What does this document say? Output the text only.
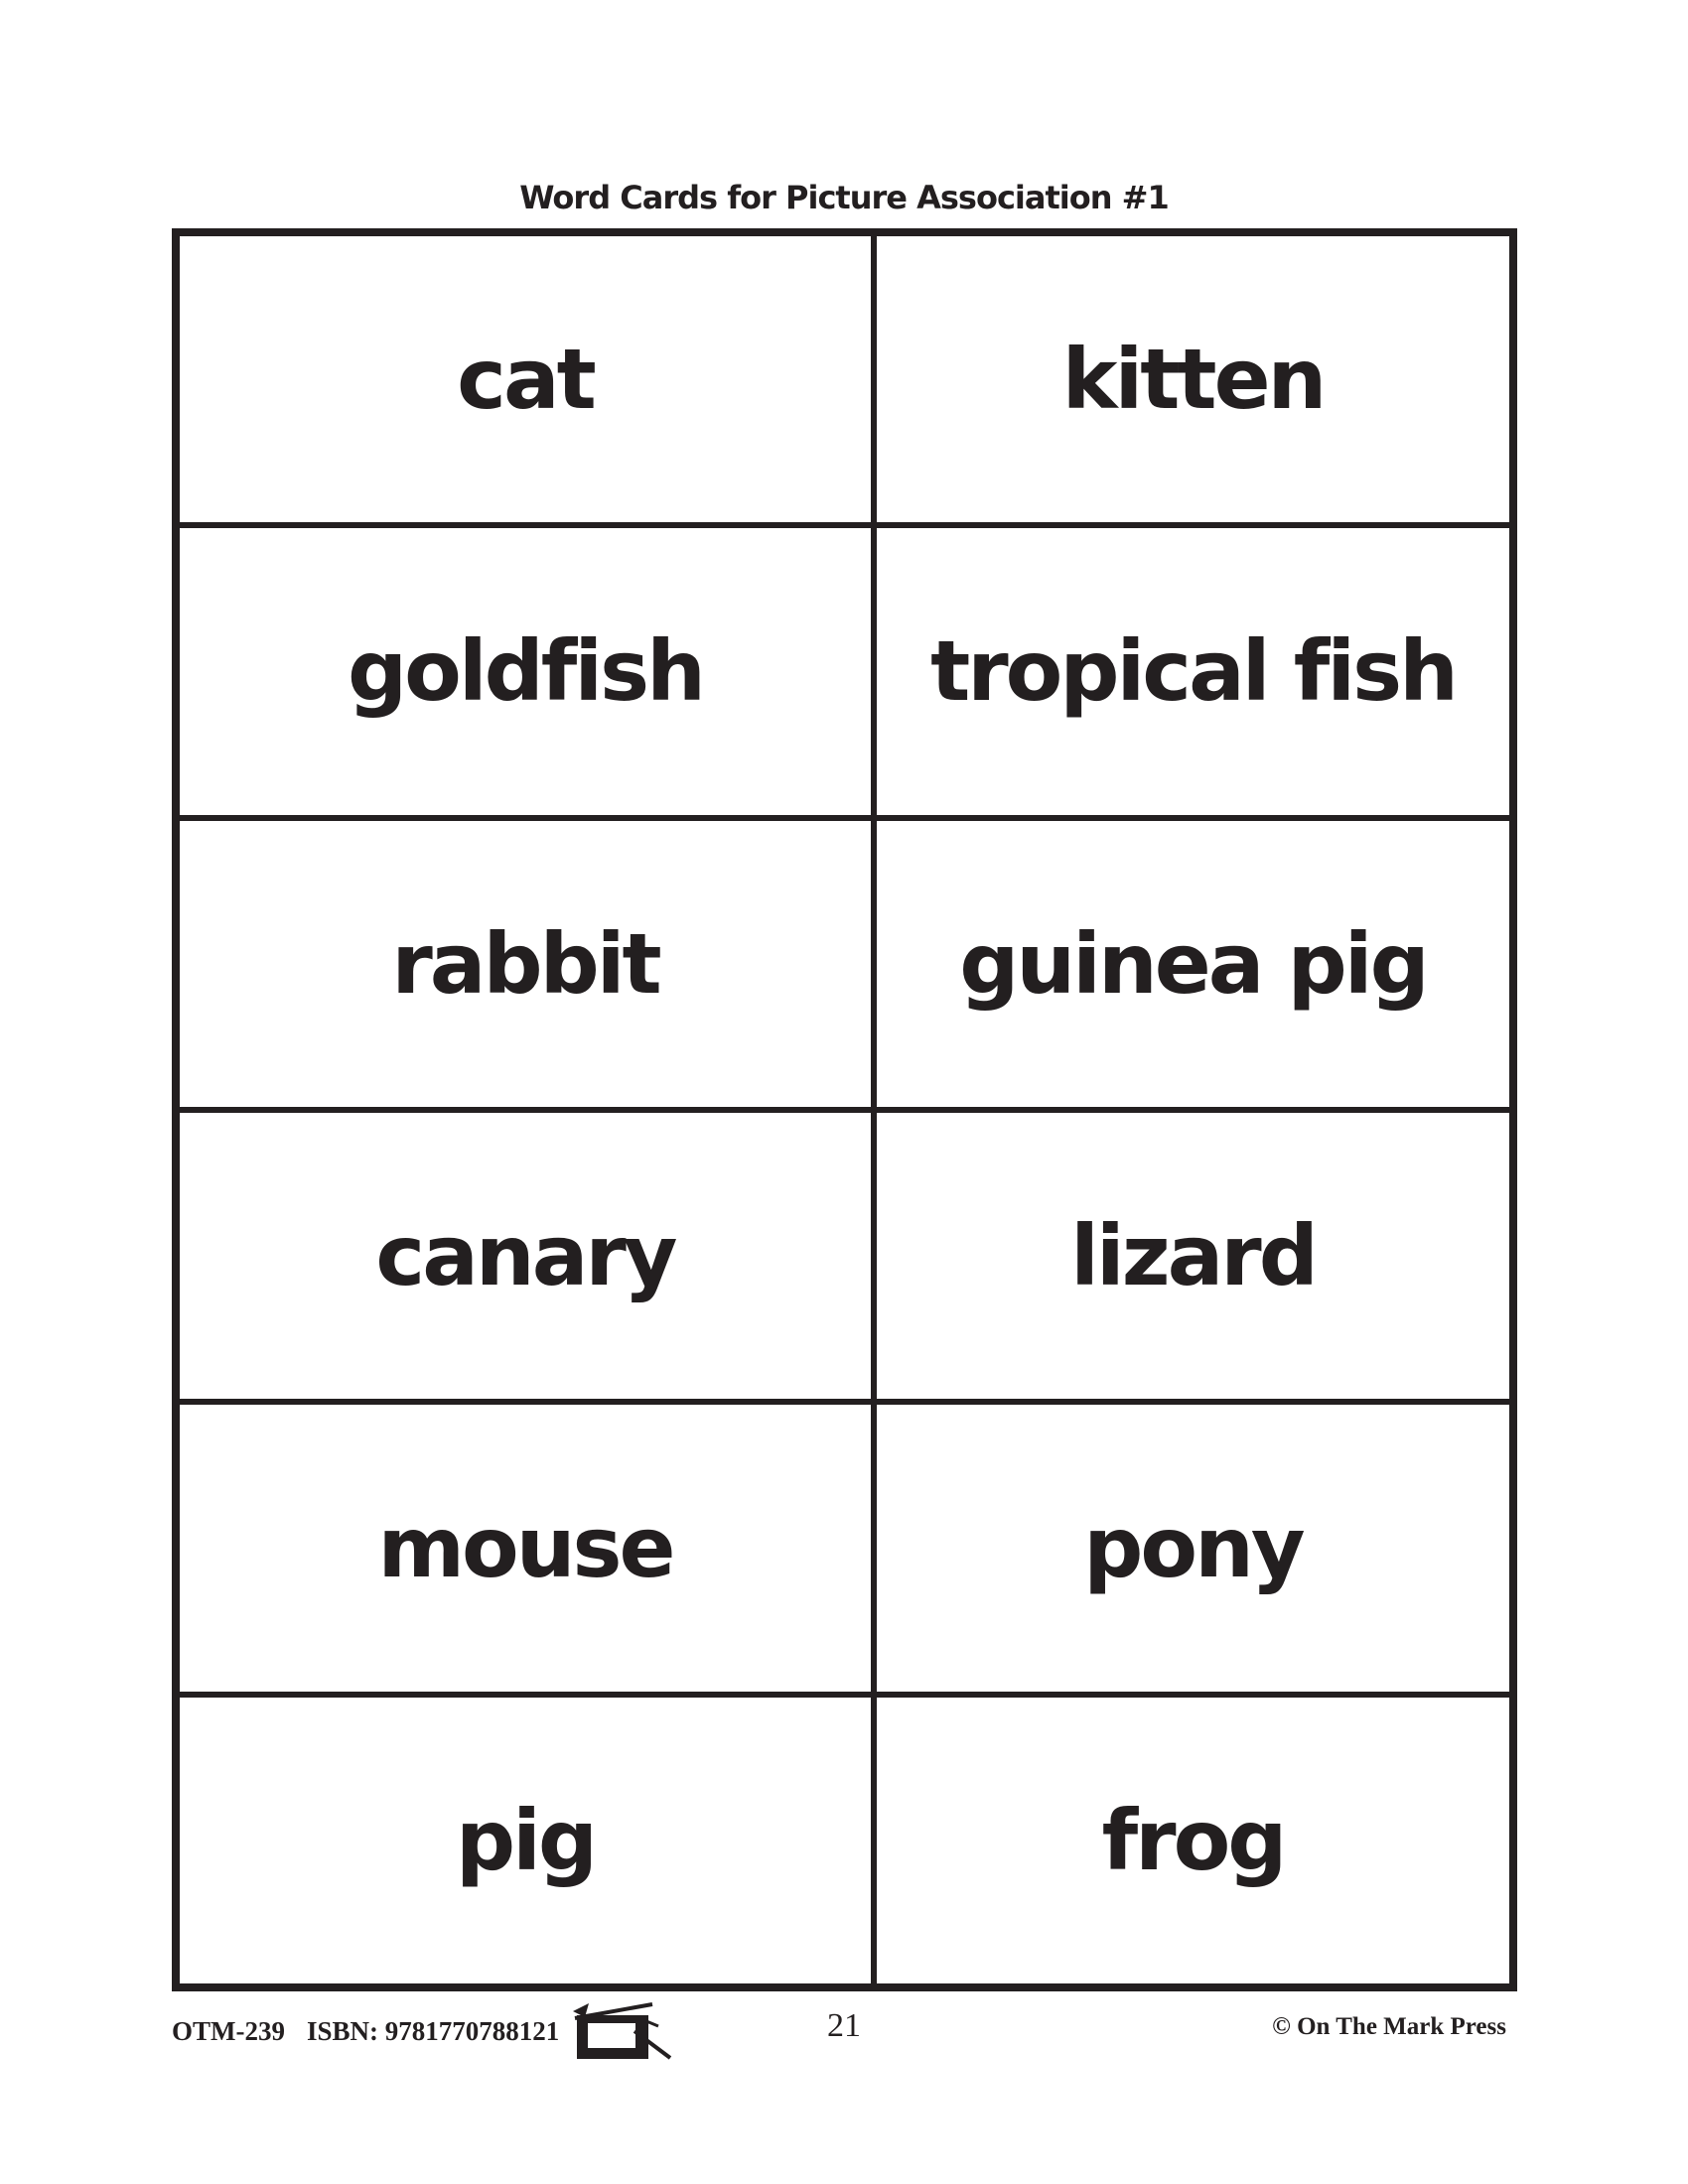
Word Cards for Picture Association #1
cat	kitten
goldfish	tropical fish
rabbit	guinea pig
canary	lizard
mouse	pony
pig	frog
OTM-239 ISBN: 9781770788121	21	© On The Mark Press
